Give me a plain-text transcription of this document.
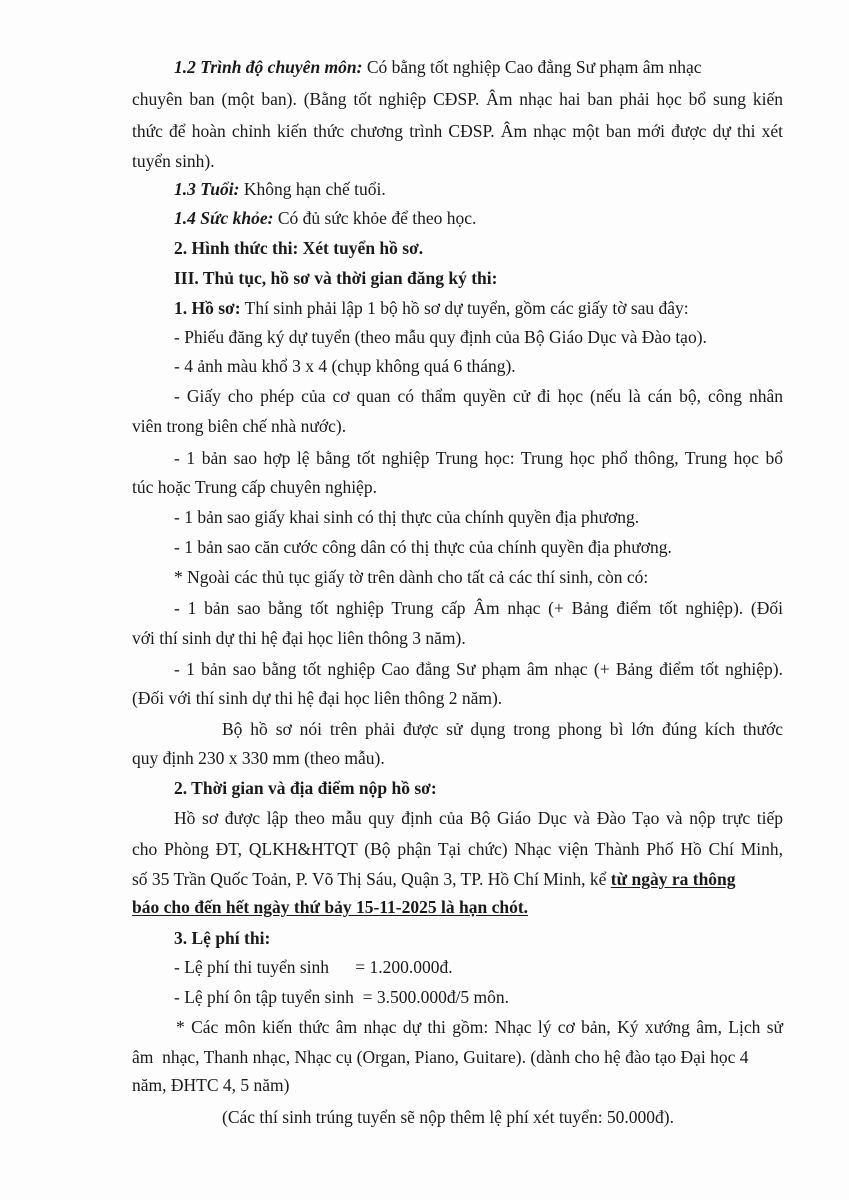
1.2 Trình độ chuyên môn: Có bằng tốt nghiệp Cao đẳng Sư phạm âm nhạc
chuyên ban (một ban). (Bằng tốt nghiệp CĐSP. Âm nhạc hai ban phải học bổ sung kiến
thức để hoàn chỉnh kiến thức chương trình CĐSP. Âm nhạc một ban mới được dự thi xét
tuyển sinh).
1.3 Tuổi: Không hạn chế tuổi.
1.4 Sức khỏe: Có đủ sức khỏe để theo học.
2. Hình thức thi: Xét tuyển hồ sơ.
III. Thủ tục, hồ sơ và thời gian đăng ký thi:
1. Hồ sơ: Thí sinh phải lập 1 bộ hồ sơ dự tuyển, gồm các giấy tờ sau đây:
- Phiếu đăng ký dự tuyển (theo mẫu quy định của Bộ Giáo Dục và Đào tạo).
- 4 ảnh màu khổ 3 x 4 (chụp không quá 6 tháng).
- Giấy cho phép của cơ quan có thẩm quyền cử đi học (nếu là cán bộ, công nhân
viên trong biên chế nhà nước).
- 1 bản sao hợp lệ bằng tốt nghiệp Trung học: Trung học phổ thông, Trung học bổ
túc hoặc Trung cấp chuyên nghiệp.
- 1 bản sao giấy khai sinh có thị thực của chính quyền địa phương.
- 1 bản sao căn cước công dân có thị thực của chính quyền địa phương.
* Ngoài các thủ tục giấy tờ trên dành cho tất cả các thí sinh, còn có:
- 1 bản sao bằng tốt nghiệp Trung cấp Âm nhạc (+ Bảng điểm tốt nghiệp). (Đối
với thí sinh dự thi hệ đại học liên thông 3 năm).
- 1 bản sao bằng tốt nghiệp Cao đẳng Sư phạm âm nhạc (+ Bảng điểm tốt nghiệp).
(Đối với thí sinh dự thi hệ đại học liên thông 2 năm).
Bộ hồ sơ nói trên phải được sử dụng trong phong bì lớn đúng kích thước
quy định 230 x 330 mm (theo mẫu).
2. Thời gian và địa điểm nộp hồ sơ:
Hồ sơ được lập theo mẫu quy định của Bộ Giáo Dục và Đào Tạo và nộp trực tiếp
cho Phòng ĐT, QLKH&HTQT (Bộ phận Tại chức) Nhạc viện Thành Phố Hồ Chí Minh,
số 35 Trần Quốc Toản, P. Võ Thị Sáu, Quận 3, TP. Hồ Chí Minh, kể từ ngày ra thông
báo cho đến hết ngày thứ bảy 15-11-2025 là hạn chót.
3. Lệ phí thi:
- Lệ phí thi tuyển sinh      = 1.200.000đ.
- Lệ phí ôn tập tuyển sinh  = 3.500.000đ/5 môn.
* Các môn kiến thức âm nhạc dự thi gồm: Nhạc lý cơ bản, Ký xướng âm, Lịch sử
âm  nhạc, Thanh nhạc, Nhạc cụ (Organ, Piano, Guitare). (dành cho hệ đào tạo Đại học 4
năm, ĐHTC 4, 5 năm)
(Các thí sinh trúng tuyển sẽ nộp thêm lệ phí xét tuyển: 50.000đ).
